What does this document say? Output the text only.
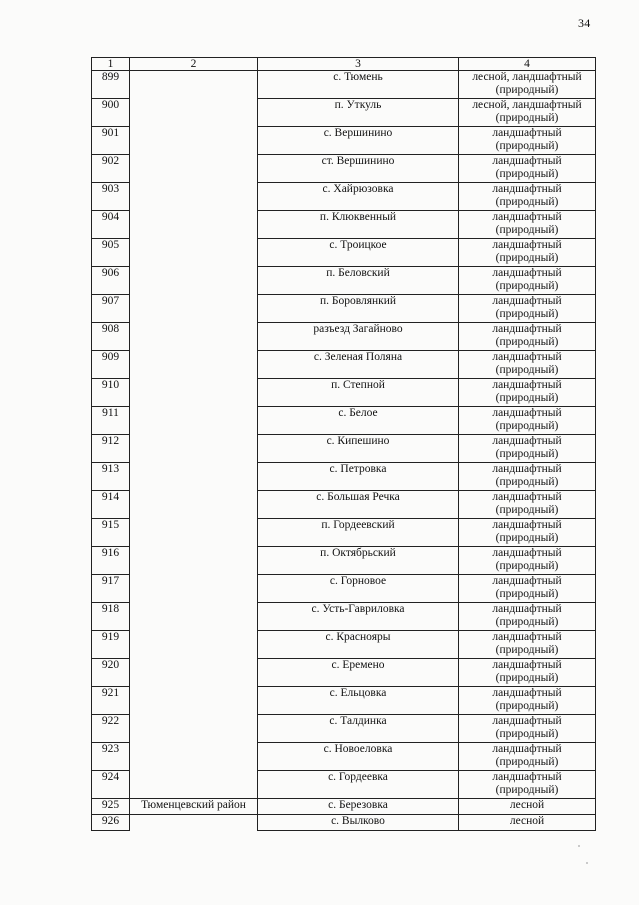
34
1	2	3	4
899		с. Тюмень	лесной, ландшафтный (природный)
900		п. Уткуль	лесной, ландшафтный (природный)
901		с. Вершинино	ландшафтный (природный)
902		ст. Вершинино	ландшафтный (природный)
903		с. Хайрюзовка	ландшафтный (природный)
904		п. Клюквенный	ландшафтный (природный)
905		с. Троицкое	ландшафтный (природный)
906		п. Беловский	ландшафтный (природный)
907		п. Боровлянкий	ландшафтный (природный)
908		разъезд Загайново	ландшафтный (природный)
909		с. Зеленая Поляна	ландшафтный (природный)
910		п. Степной	ландшафтный (природный)
911		с. Белое	ландшафтный (природный)
912		с. Кипешино	ландшафтный (природный)
913		с. Петровка	ландшафтный (природный)
914		с. Большая Речка	ландшафтный (природный)
915		п. Гордеевский	ландшафтный (природный)
916		п. Октябрьский	ландшафтный (природный)
917		с. Горновое	ландшафтный (природный)
918		с. Усть-Гавриловка	ландшафтный (природный)
919		с. Краснояры	ландшафтный (природный)
920		с. Еремено	ландшафтный (природный)
921		с. Ельцовка	ландшафтный (природный)
922		с. Талдинка	ландшафтный (природный)
923		с. Новоеловка	ландшафтный (природный)
924		с. Гордеевка	ландшафтный (природный)
925	Тюменцевский район	с. Березовка	лесной
926		с. Вылково	лесной
